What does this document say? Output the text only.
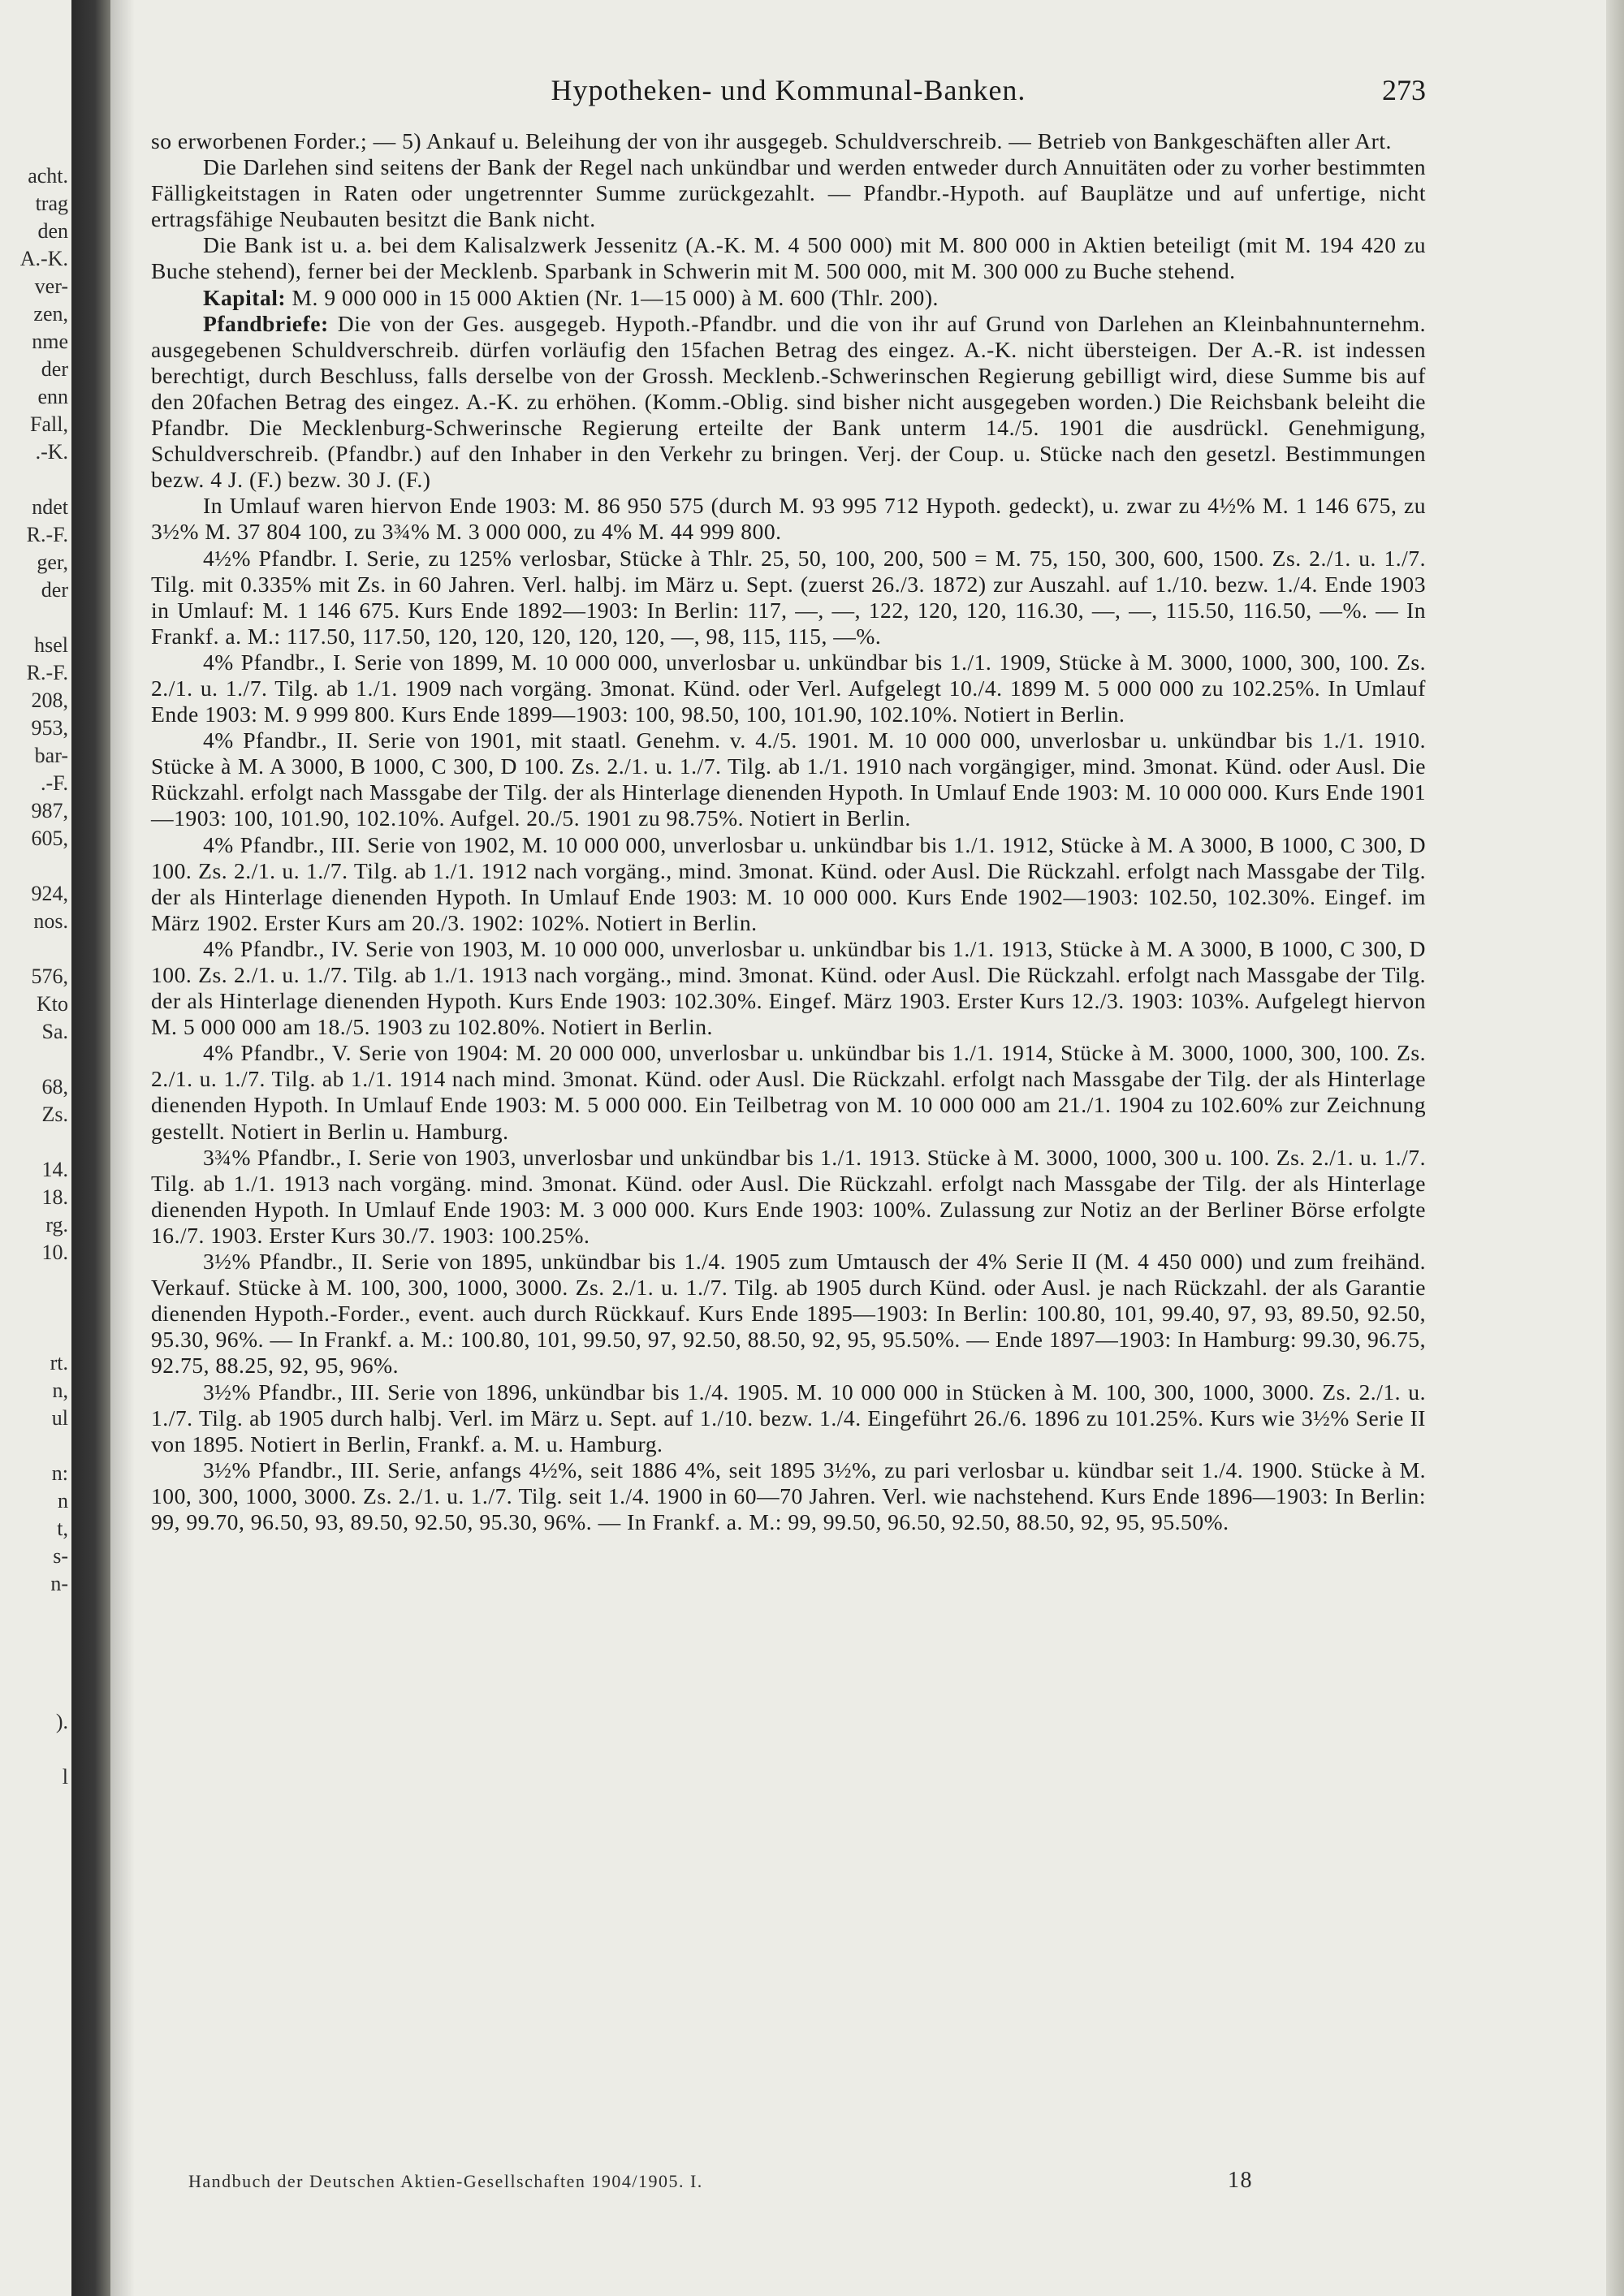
acht.
trag
den
A.-K.
ver-
zen,
nme
der
enn
Fall,
.-K.
ndet
R.-F.
ger,
der
hsel
R.-F.
208,
953,
bar-
.-F.
987,
605,
924,
nos.
576,
Kto
Sa.
68,
Zs.
14.
18.
rg.
10.
rt.
n,
ul
n:
n
t,
s-
n-
).
l
Hypotheken- und Kommunal-Banken.	273

so erworbenen Forder.; — 5) Ankauf u. Beleihung der von ihr ausgegeb. Schuldverschreib. — Betrieb von Bankgeschäften aller Art.

Die Darlehen sind seitens der Bank der Regel nach unkündbar und werden entweder durch Annuitäten oder zu vorher bestimmten Fälligkeitstagen in Raten oder ungetrennter Summe zurückgezahlt. — Pfandbr.-Hypoth. auf Bauplätze und auf unfertige, nicht ertragsfähige Neubauten besitzt die Bank nicht.

Die Bank ist u. a. bei dem Kalisalzwerk Jessenitz (A.-K. M. 4 500 000) mit M. 800 000 in Aktien beteiligt (mit M. 194 420 zu Buche stehend), ferner bei der Mecklenb. Sparbank in Schwerin mit M. 500 000, mit M. 300 000 zu Buche stehend.

Kapital: M. 9 000 000 in 15 000 Aktien (Nr. 1—15 000) à M. 600 (Thlr. 200).

Pfandbriefe: Die von der Ges. ausgegeb. Hypoth.-Pfandbr. und die von ihr auf Grund von Darlehen an Kleinbahnunternehm. ausgegebenen Schuldverschreib. dürfen vorläufig den 15fachen Betrag des eingez. A.-K. nicht übersteigen. Der A.-R. ist indessen berechtigt, durch Beschluss, falls derselbe von der Grossh. Mecklenb.-Schwerinschen Regierung gebilligt wird, diese Summe bis auf den 20fachen Betrag des eingez. A.-K. zu erhöhen. (Komm.-Oblig. sind bisher nicht ausgegeben worden.) Die Reichsbank beleiht die Pfandbr. Die Mecklenburg-Schwerinsche Regierung erteilte der Bank unterm 14./5. 1901 die ausdrückl. Genehmigung, Schuldverschreib. (Pfandbr.) auf den Inhaber in den Verkehr zu bringen. Verj. der Coup. u. Stücke nach den gesetzl. Bestimmungen bezw. 4 J. (F.) bezw. 30 J. (F.)

In Umlauf waren hiervon Ende 1903: M. 86 950 575 (durch M. 93 995 712 Hypoth. gedeckt), u. zwar zu 4½% M. 1 146 675, zu 3½% M. 37 804 100, zu 3¾% M. 3 000 000, zu 4% M. 44 999 800.

4½% Pfandbr. I. Serie, zu 125% verlosbar, Stücke à Thlr. 25, 50, 100, 200, 500 = M. 75, 150, 300, 600, 1500. Zs. 2./1. u. 1./7. Tilg. mit 0.335% mit Zs. in 60 Jahren. Verl. halbj. im März u. Sept. (zuerst 26./3. 1872) zur Auszahl. auf 1./10. bezw. 1./4. Ende 1903 in Umlauf: M. 1 146 675. Kurs Ende 1892—1903: In Berlin: 117, —, —, 122, 120, 120, 116.30, —, —, 115.50, 116.50, —%. — In Frankf. a. M.: 117.50, 117.50, 120, 120, 120, 120, 120, —, 98, 115, 115, —%.

4% Pfandbr., I. Serie von 1899, M. 10 000 000, unverlosbar u. unkündbar bis 1./1. 1909, Stücke à M. 3000, 1000, 300, 100. Zs. 2./1. u. 1./7. Tilg. ab 1./1. 1909 nach vorgäng. 3monat. Künd. oder Verl. Aufgelegt 10./4. 1899 M. 5 000 000 zu 102.25%. In Umlauf Ende 1903: M. 9 999 800. Kurs Ende 1899—1903: 100, 98.50, 100, 101.90, 102.10%. Notiert in Berlin.

4% Pfandbr., II. Serie von 1901, mit staatl. Genehm. v. 4./5. 1901. M. 10 000 000, unverlosbar u. unkündbar bis 1./1. 1910. Stücke à M. A 3000, B 1000, C 300, D 100. Zs. 2./1. u. 1./7. Tilg. ab 1./1. 1910 nach vorgängiger, mind. 3monat. Künd. oder Ausl. Die Rückzahl. erfolgt nach Massgabe der Tilg. der als Hinterlage dienenden Hypoth. In Umlauf Ende 1903: M. 10 000 000. Kurs Ende 1901—1903: 100, 101.90, 102.10%. Aufgel. 20./5. 1901 zu 98.75%. Notiert in Berlin.

4% Pfandbr., III. Serie von 1902, M. 10 000 000, unverlosbar u. unkündbar bis 1./1. 1912, Stücke à M. A 3000, B 1000, C 300, D 100. Zs. 2./1. u. 1./7. Tilg. ab 1./1. 1912 nach vorgäng., mind. 3monat. Künd. oder Ausl. Die Rückzahl. erfolgt nach Massgabe der Tilg. der als Hinterlage dienenden Hypoth. In Umlauf Ende 1903: M. 10 000 000. Kurs Ende 1902—1903: 102.50, 102.30%. Eingef. im März 1902. Erster Kurs am 20./3. 1902: 102%. Notiert in Berlin.

4% Pfandbr., IV. Serie von 1903, M. 10 000 000, unverlosbar u. unkündbar bis 1./1. 1913, Stücke à M. A 3000, B 1000, C 300, D 100. Zs. 2./1. u. 1./7. Tilg. ab 1./1. 1913 nach vorgäng., mind. 3monat. Künd. oder Ausl. Die Rückzahl. erfolgt nach Massgabe der Tilg. der als Hinterlage dienenden Hypoth. Kurs Ende 1903: 102.30%. Eingef. März 1903. Erster Kurs 12./3. 1903: 103%. Aufgelegt hiervon M. 5 000 000 am 18./5. 1903 zu 102.80%. Notiert in Berlin.

4% Pfandbr., V. Serie von 1904: M. 20 000 000, unverlosbar u. unkündbar bis 1./1. 1914, Stücke à M. 3000, 1000, 300, 100. Zs. 2./1. u. 1./7. Tilg. ab 1./1. 1914 nach mind. 3monat. Künd. oder Ausl. Die Rückzahl. erfolgt nach Massgabe der Tilg. der als Hinterlage dienenden Hypoth. In Umlauf Ende 1903: M. 5 000 000. Ein Teilbetrag von M. 10 000 000 am 21./1. 1904 zu 102.60% zur Zeichnung gestellt. Notiert in Berlin u. Hamburg.

3¾% Pfandbr., I. Serie von 1903, unverlosbar und unkündbar bis 1./1. 1913. Stücke à M. 3000, 1000, 300 u. 100. Zs. 2./1. u. 1./7. Tilg. ab 1./1. 1913 nach vorgäng. mind. 3monat. Künd. oder Ausl. Die Rückzahl. erfolgt nach Massgabe der Tilg. der als Hinterlage dienenden Hypoth. In Umlauf Ende 1903: M. 3 000 000. Kurs Ende 1903: 100%. Zulassung zur Notiz an der Berliner Börse erfolgte 16./7. 1903. Erster Kurs 30./7. 1903: 100.25%.

3½% Pfandbr., II. Serie von 1895, unkündbar bis 1./4. 1905 zum Umtausch der 4% Serie II (M. 4 450 000) und zum freihänd. Verkauf. Stücke à M. 100, 300, 1000, 3000. Zs. 2./1. u. 1./7. Tilg. ab 1905 durch Künd. oder Ausl. je nach Rückzahl. der als Garantie dienenden Hypoth.-Forder., event. auch durch Rückkauf. Kurs Ende 1895—1903: In Berlin: 100.80, 101, 99.40, 97, 93, 89.50, 92.50, 95.30, 96%. — In Frankf. a. M.: 100.80, 101, 99.50, 97, 92.50, 88.50, 92, 95, 95.50%. — Ende 1897—1903: In Hamburg: 99.30, 96.75, 92.75, 88.25, 92, 95, 96%.

3½% Pfandbr., III. Serie von 1896, unkündbar bis 1./4. 1905. M. 10 000 000 in Stücken à M. 100, 300, 1000, 3000. Zs. 2./1. u. 1./7. Tilg. ab 1905 durch halbj. Verl. im März u. Sept. auf 1./10. bezw. 1./4. Eingeführt 26./6. 1896 zu 101.25%. Kurs wie 3½% Serie II von 1895. Notiert in Berlin, Frankf. a. M. u. Hamburg.

3½% Pfandbr., III. Serie, anfangs 4½%, seit 1886 4%, seit 1895 3½%, zu pari verlosbar u. kündbar seit 1./4. 1900. Stücke à M. 100, 300, 1000, 3000. Zs. 2./1. u. 1./7. Tilg. seit 1./4. 1900 in 60—70 Jahren. Verl. wie nachstehend. Kurs Ende 1896—1903: In Berlin: 99, 99.70, 96.50, 93, 89.50, 92.50, 95.30, 96%. — In Frankf. a. M.: 99, 99.50, 96.50, 92.50, 88.50, 92, 95, 95.50%.

Handbuch der Deutschen Aktien-Gesellschaften 1904/1905. I.	18
